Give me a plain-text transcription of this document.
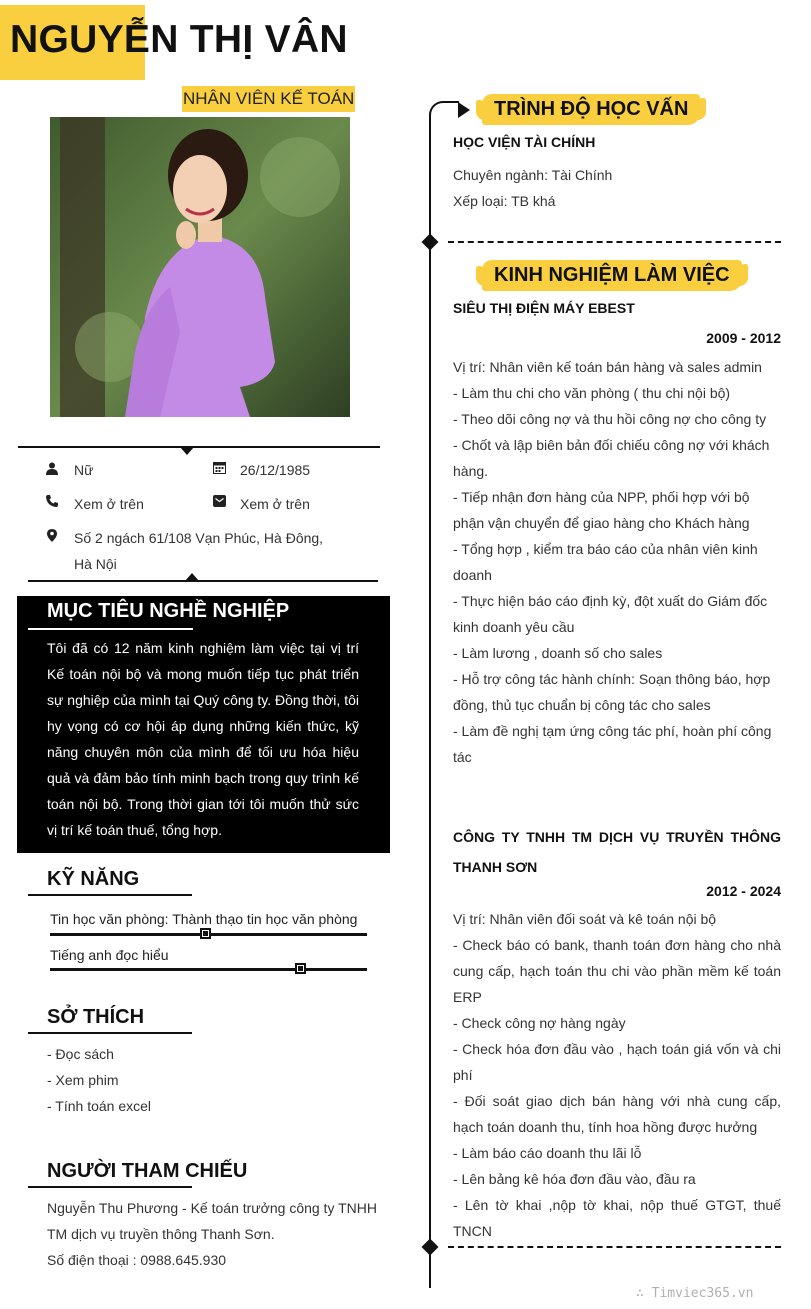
NGUYỄN THỊ VÂN
NHÂN VIÊN KẾ TOÁN
Nữ	26/12/1985
Xem ở trên	Xem ở trên
Số 2 ngách 61/108 Vạn Phúc, Hà Đông,
Hà Nội
MỤC TIÊU NGHỀ NGHIỆP
Tôi đã có 12 năm kinh nghiệm làm việc tại vị trí Kế toán nội bộ và mong muốn tiếp tục phát triển sự nghiệp của mình tại Quý công ty. Đồng thời, tôi hy vọng có cơ hội áp dụng những kiến thức, kỹ năng chuyên môn của mình để tối ưu hóa hiệu quả và đảm bảo tính minh bạch trong quy trình kế toán nội bộ. Trong thời gian tới tôi muốn thử sức vị trí kế toán thuế, tổng hợp.
KỸ NĂNG
Tin học văn phòng: Thành thạo tin học văn phòng
Tiếng anh đọc hiểu
SỞ THÍCH
- Đọc sách
- Xem phim
- Tính toán excel
NGƯỜI THAM CHIẾU
Nguyễn Thu Phương - Kế toán trưởng công ty TNHH
TM dịch vụ truyền thông Thanh Sơn.
Số điện thoại : 0988.645.930
TRÌNH ĐỘ HỌC VẤN
HỌC VIỆN TÀI CHÍNH
Chuyên ngành: Tài Chính
Xếp loại: TB khá
KINH NGHIỆM LÀM VIỆC
SIÊU THỊ ĐIỆN MÁY EBEST
2009 - 2012
Vị trí: Nhân viên kế toán bán hàng và sales admin
- Làm thu chi cho văn phòng ( thu chi nội bộ)
- Theo dõi công nợ và thu hồi công nợ cho công ty
- Chốt và lập biên bản đối chiếu công nợ với khách hàng.
- Tiếp nhận đơn hàng của NPP, phối hợp với bộ phận vận chuyển để giao hàng cho Khách hàng
- Tổng hợp , kiểm tra báo cáo của nhân viên kinh doanh
- Thực hiện báo cáo định kỳ, đột xuất do Giám đốc kinh doanh yêu cầu
- Làm lương , doanh số cho sales
- Hỗ trợ công tác hành chính: Soạn thông báo, hợp đồng, thủ tục chuẩn bị công tác cho sales
- Làm đề nghị tạm ứng công tác phí, hoàn phí công tác
CÔNG TY TNHH TM DỊCH VỤ TRUYỀN THÔNG THANH SƠN
2012 - 2024
Vị trí: Nhân viên đối soát và kê toán nội bộ
- Check báo có bank, thanh toán đơn hàng cho nhà cung cấp, hạch toán thu chi vào phần mềm kế toán ERP
- Check công nợ hàng ngày
- Check hóa đơn đầu vào , hạch toán giá vốn và chi phí
- Đối soát giao dịch bán hàng với nhà cung cấp, hạch toán doanh thu, tính hoa hồng được hưởng
- Làm báo cáo doanh thu lãi lỗ
- Lên bảng kê hóa đơn đầu vào, đầu ra
- Lên tờ khai ,nộp tờ khai, nộp thuế GTGT, thuế TNCN
∴ Timviec365.vn
